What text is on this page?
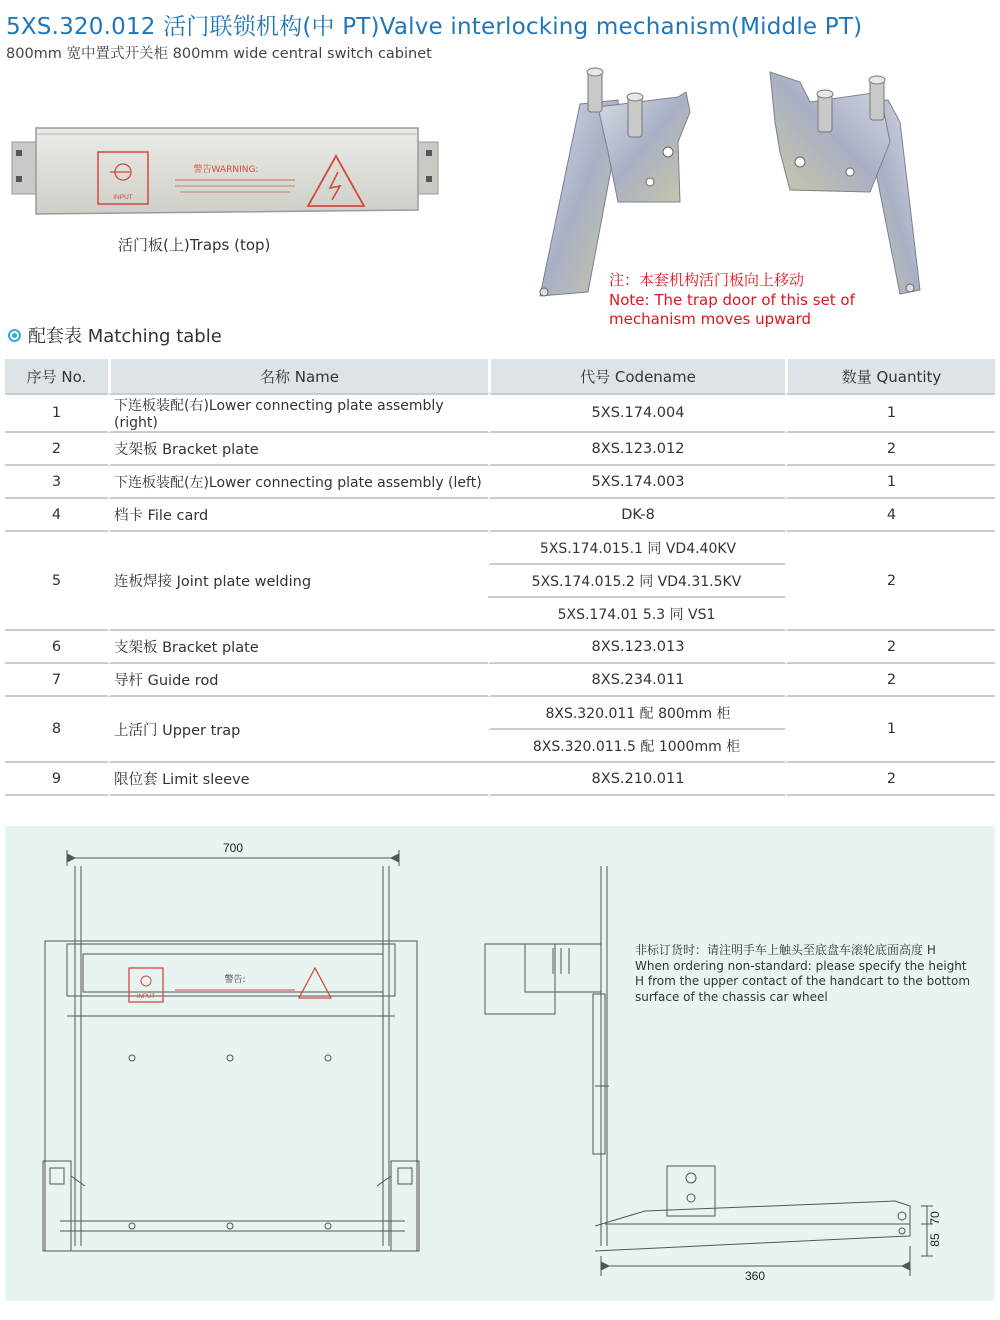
5XS.320.012 活门联锁机构(中 PT)Valve interlocking mechanism(Middle PT)
800mm 宽中置式开关柜 800mm wide central switch cabinet
INPUT
警告WARNING:
活门板(上)Traps (top)
注：本套机构活门板向上移动
Note: The trap door of this set of
mechanism moves upward
配套表 Matching table
序号 No.	名称 Name	代号 Codename	数量 Quantity
1	下连板装配(右)Lower connecting plate assembly (right)	5XS.174.004	1
2	支架板 Bracket plate	8XS.123.012	2
3	下连板装配(左)Lower connecting plate assembly (left)	5XS.174.003	1
4	档卡 File card	DK-8	4
5	连板焊接 Joint plate welding	5XS.174.015.1 同 VD4.40KV	2
		5XS.174.015.2 同 VD4.31.5KV	
		5XS.174.01 5.3 同 VS1	
6	支架板 Bracket plate	8XS.123.013	2
7	导杆 Guide rod	8XS.234.011	2
8	上活门 Upper trap	8XS.320.011 配 800mm 柜	1
		8XS.320.011.5 配 1000mm 柜	
9	限位套 Limit sleeve	8XS.210.011	2
INPUT
警告:
700
360
70
85
非标订货时：请注明手车上触头至底盘车滚轮底面高度 H
When ordering non-standard: please specify the height
H from the upper contact of the handcart to the bottom
surface of the chassis car wheel
